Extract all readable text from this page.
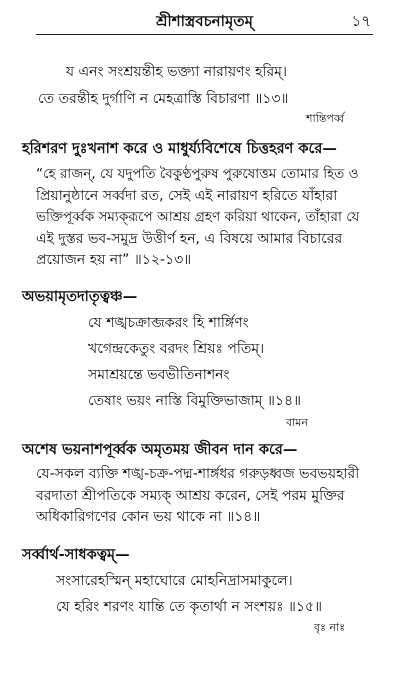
শ্রীশাস্ত্রবচনামৃতম্	১৭
য এনং সংশ্রয়ন্তীহ ভক্ত্যা নারায়ণং হরিম্।
তে তরন্তীহ দুর্গাণি ন মেহত্রাস্তি বিচারণা ॥১৩॥
শান্তিপর্ব্ব
হরিশরণ দুঃখনাশ করে ও মাধুর্য্যবিশেষে চিত্তহরণ করে—
“হে রাজন্‌, যে যদুপতি বৈকুণ্ঠপুরুষ পুরুষোত্তম তোমার হিত ও
প্রিয়ানুষ্ঠানে সর্ব্বদা রত, সেই এই নারায়ণ হরিতে যাঁহারা
ভক্তিপূর্ব্বক সম্যক্‌রূপে আশ্রয় গ্রহণ করিয়া থাকেন, তাঁহারা যে
এই দুস্তর ভব-সমুদ্র উত্তীর্ণ হন, এ বিষয়ে আমার বিচারের
প্রয়োজন হয় না” ॥১২-১৩॥
অভয়ামৃতদাতৃত্বঞ্চ—
যে শঙ্খচক্রাব্জকরং হি শার্ঙ্গিণং
খগেন্দ্রকেতুং বরদং শ্রিয়ঃ পতিম্।
সমাশ্রয়ন্তে ভবভীতিনাশনং
তেষাং ভয়ং নাস্তি বিমুক্তিভাজাম্ ॥১৪॥
বামন
অশেষ ভয়নাশপূর্ব্বক অমৃতময় জীবন দান করে—
যে-সকল ব্যক্তি শঙ্খ-চক্র-পদ্ম-শার্ঙ্গধর গরুড়ধ্বজ ভবভয়হারী
বরদাতা শ্রীপতিকে সম্যক্‌ আশ্রয় করেন, সেই পরম মুক্তির
অধিকারিগণের কোন ভয় থাকে না ॥১৪॥
সর্ব্বার্থ-সাধকত্বম্—
সংসারেহস্মিন্‌ মহাঘোরে মোহনিদ্রাসমাকুলে।
যে হরিং শরণং যান্তি তে কৃতার্থা ন সংশয়ঃ ॥১৫॥
বৃঃ নাঃ
